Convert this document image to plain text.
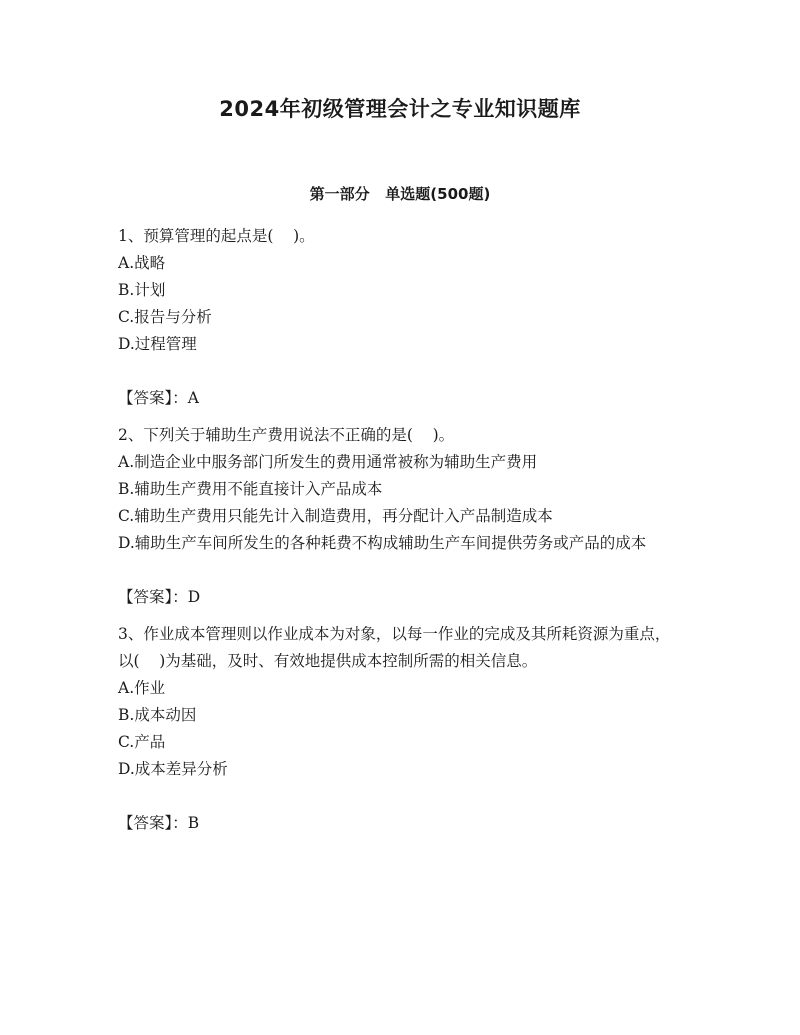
2024年初级管理会计之专业知识题库
第一部分   单选题(500题)
1、预算管理的起点是(    )。
A.战略
B.计划
C.报告与分析
D.过程管理
【答案】：A
2、下列关于辅助生产费用说法不正确的是(    )。
A.制造企业中服务部门所发生的费用通常被称为辅助生产费用
B.辅助生产费用不能直接计入产品成本
C.辅助生产费用只能先计入制造费用，再分配计入产品制造成本
D.辅助生产车间所发生的各种耗费不构成辅助生产车间提供劳务或产品的成本
【答案】：D
3、作业成本管理则以作业成本为对象，以每一作业的完成及其所耗资源为重点，以(    )为基础，及时、有效地提供成本控制所需的相关信息。
A.作业
B.成本动因
C.产品
D.成本差异分析
【答案】：B
